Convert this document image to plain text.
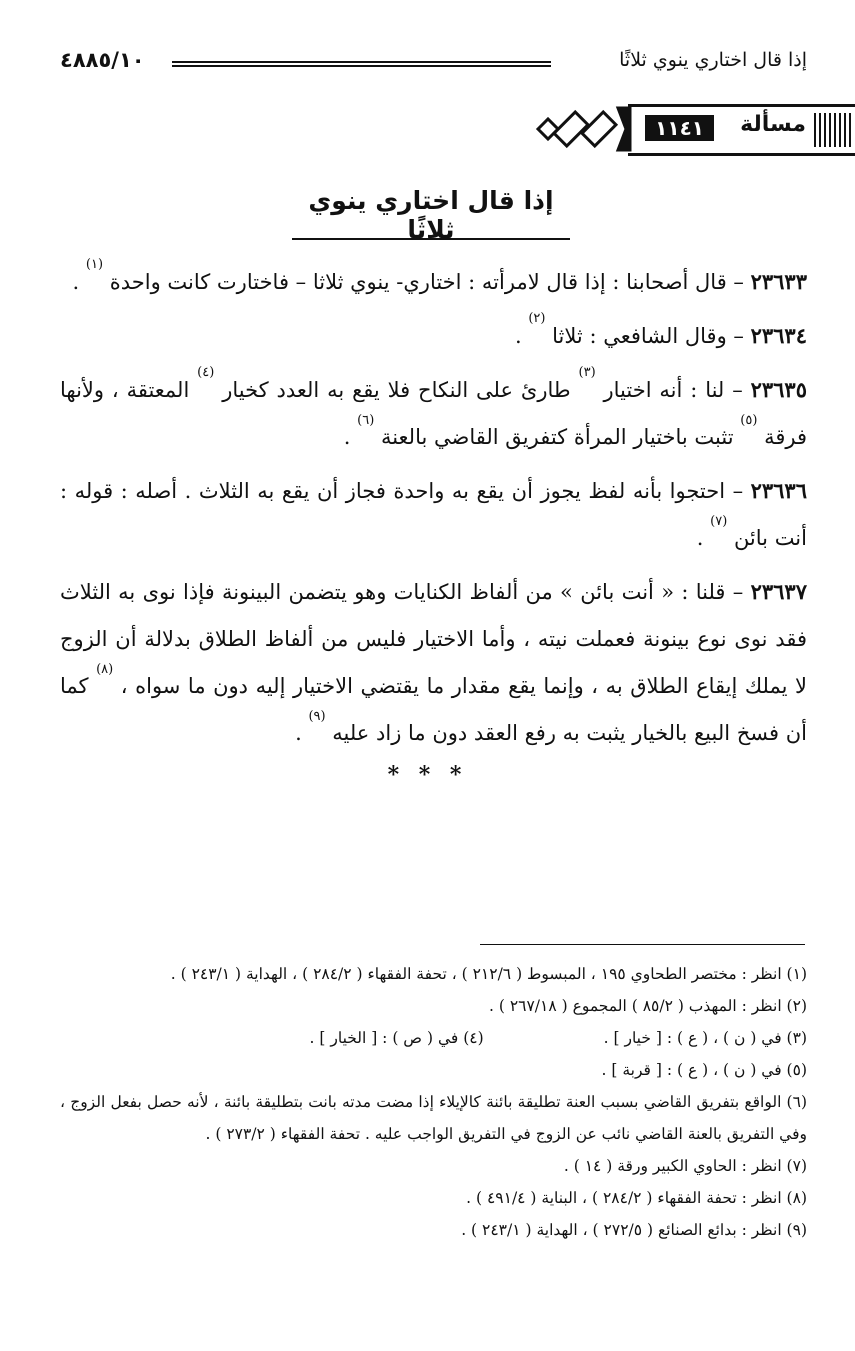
إذا قال اختاري ينوي ثلاثًا
٤٨٨٥/١٠
مسألة
١١٤١
إذا قال اختاري ينوي ثلاثًا

٢٣٦٣٣ – قال أصحابنا : إذا قال لامرأته : اختاري- ينوي ثلاثا – فاختارت كانت واحدة $^{(١)}$ .

٢٣٦٣٤ – وقال الشافعي : ثلاثا $^{(٢)}$ .

٢٣٦٣٥ – لنا : أنه اختيار $^{(٣)}$ طارئ على النكاح فلا يقع به العدد كخيار $^{(٤)}$ المعتقة ، ولأنها فرقة $^{(٥)}$ تثبت باختيار المرأة كتفريق القاضي بالعنة $^{(٦)}$ .

٢٣٦٣٦ – احتجوا بأنه لفظ يجوز أن يقع به واحدة فجاز أن يقع به الثلاث . أصله : قوله : أنت بائن $^{(٧)}$ .

٢٣٦٣٧ – قلنا : « أنت بائن » من ألفاظ الكنايات وهو يتضمن البينونة فإذا نوى به الثلاث فقد نوى نوع بينونة فعملت نيته ، وأما الاختيار فليس من ألفاظ الطلاق بدلالة أن الزوج لا يملك إيقاع الطلاق به ، وإنما يقع مقدار ما يقتضي الاختيار إليه دون ما سواه ، $^{(٨)}$ كما أن فسخ البيع بالخيار يثبت به رفع العقد دون ما زاد عليه $^{(٩)}$ .

* * *

(١) انظر : مختصر الطحاوي ١٩٥ ، المبسوط ( ٢١٢/٦ ) ، تحفة الفقهاء ( ٢٨٤/٢ ) ، الهداية ( ٢٤٣/١ ) .

(٢) انظر : المهذب ( ٨٥/٢ ) المجموع ( ٢٦٧/١٨ ) .

(٣) في ( ن ) ، ( ع ) : [ خيار ] .
(٤) في ( ص ) : [ الخيار ] .

(٥) في ( ن ) ، ( ع ) : [ قربة ] .

(٦) الواقع بتفريق القاضي بسبب العنة تطليقة بائنة كالإيلاء إذا مضت مدته بانت بتطليقة بائنة ، لأنه حصل بفعل الزوج ، وفي التفريق بالعنة القاضي نائب عن الزوج في التفريق الواجب عليه . تحفة الفقهاء ( ٢٧٣/٢ ) .

(٧) انظر : الحاوي الكبير ورقة ( ١٤ ) .

(٨) انظر : تحفة الفقهاء ( ٢٨٤/٢ ) ، البناية ( ٤٩١/٤ ) .

(٩) انظر : بدائع الصنائع ( ٢٧٢/٥ ) ، الهداية ( ٢٤٣/١ ) .
